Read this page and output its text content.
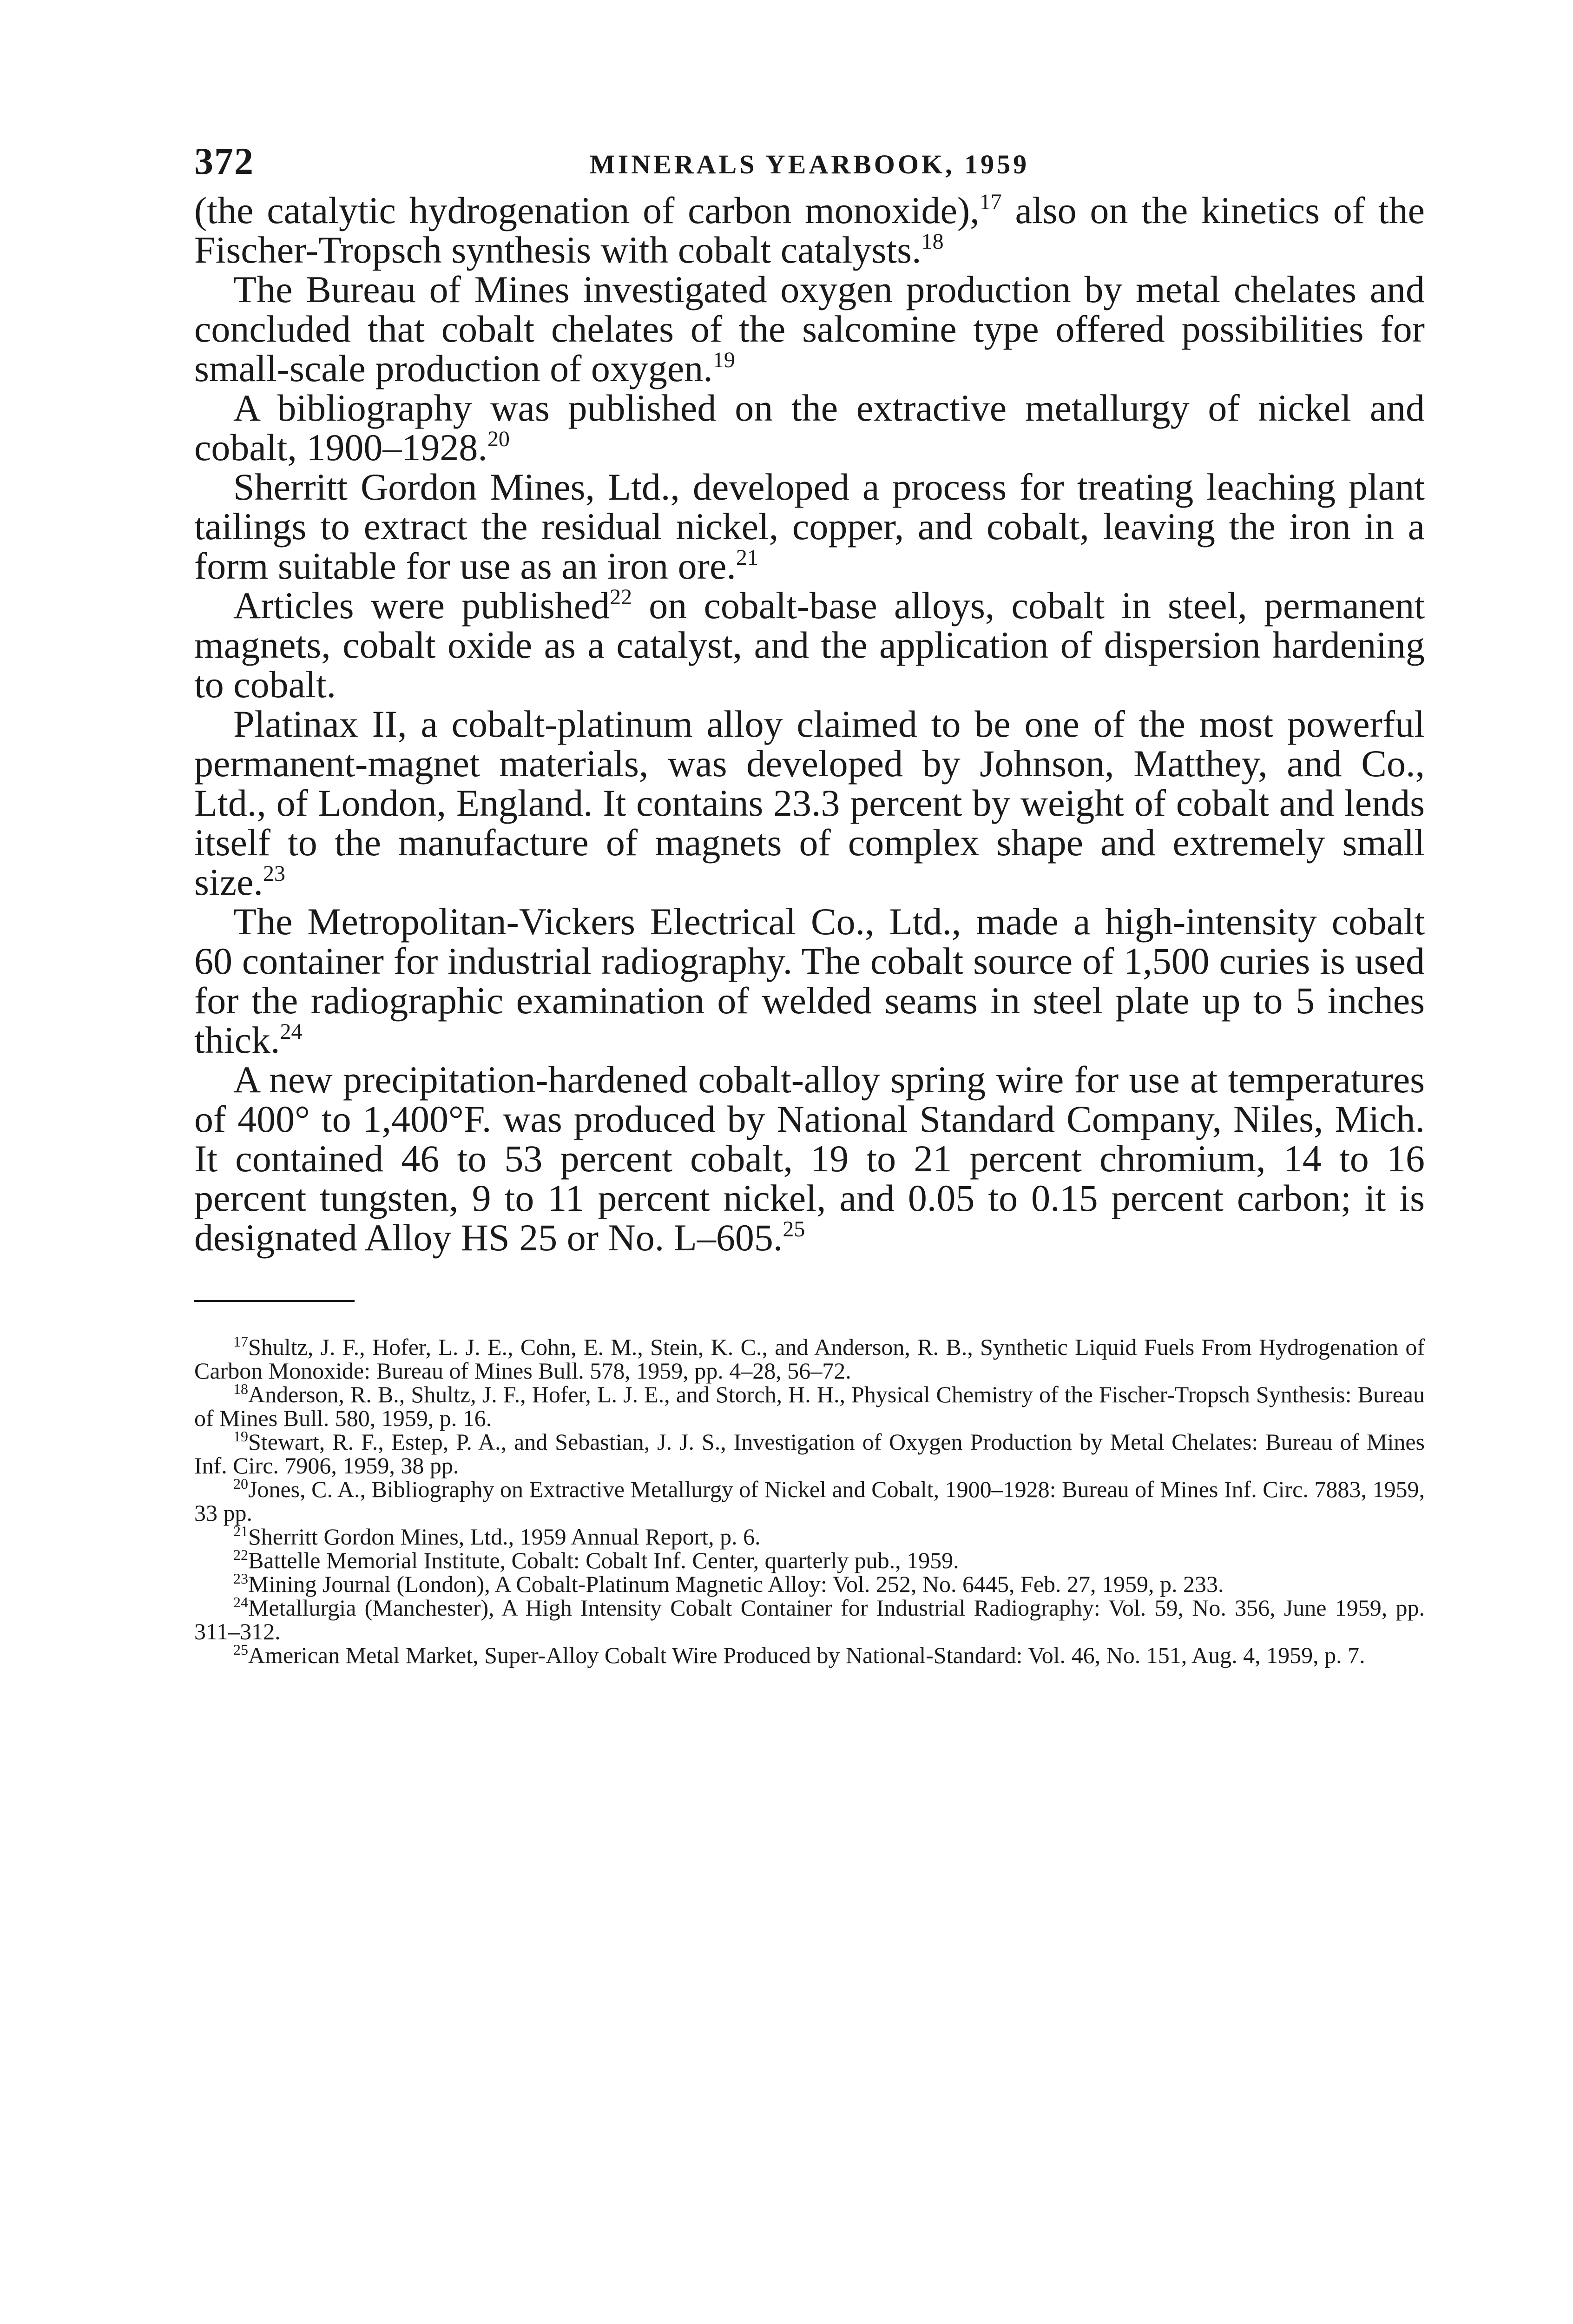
372	MINERALS YEARBOOK, 1959

(the catalytic hydrogenation of carbon monoxide),$^{17}$ also on the kinetics of the Fischer-Tropsch synthesis with cobalt catalysts.$^{18}$

The Bureau of Mines investigated oxygen production by metal chelates and concluded that cobalt chelates of the salcomine type offered possibilities for small-scale production of oxygen.$^{19}$

A bibliography was published on the extractive metallurgy of nickel and cobalt, 1900–1928.20

Sherritt Gordon Mines, Ltd., developed a process for treating leaching plant tailings to extract the residual nickel, copper, and cobalt, leaving the iron in a form suitable for use as an iron ore.$^{21}$

Articles were published$^{22}$ on cobalt-base alloys, cobalt in steel, permanent magnets, cobalt oxide as a catalyst, and the application of dispersion hardening to cobalt.

Platinax II, a cobalt-platinum alloy claimed to be one of the most powerful permanent-magnet materials, was developed by Johnson, Matthey, and Co., Ltd., of London, England. It contains 23.3 percent by weight of cobalt and lends itself to the manufacture of magnets of complex shape and extremely small size.$^{23}$

The Metropolitan-Vickers Electrical Co., Ltd., made a high-intensity cobalt 60 container for industrial radiography. The cobalt source of 1,500 curies is used for the radiographic examination of welded seams in steel plate up to 5 inches thick.$^{24}$

A new precipitation-hardened cobalt-alloy spring wire for use at temperatures of 400° to 1,400°F. was produced by National Standard Company, Niles, Mich. It contained 46 to 53 percent cobalt, 19 to 21 percent chromium, 14 to 16 percent tungsten, 9 to 11 percent nickel, and 0.05 to 0.15 percent carbon; it is designated Alloy HS 25 or No. L–605.25

$^{17}$Shultz, J. F., Hofer, L. J. E., Cohn, E. M., Stein, K. C., and Anderson, R. B., Synthetic Liquid Fuels From Hydrogenation of Carbon Monoxide: Bureau of Mines Bull. 578, 1959, pp. 4–28, 56–72.

$^{18}$Anderson, R. B., Shultz, J. F., Hofer, L. J. E., and Storch, H. H., Physical Chemistry of the Fischer-Tropsch Synthesis: Bureau of Mines Bull. 580, 1959, p. 16.

$^{19}$Stewart, R. F., Estep, P. A., and Sebastian, J. J. S., Investigation of Oxygen Production by Metal Chelates: Bureau of Mines Inf. Circ. 7906, 1959, 38 pp.

$^{20}$Jones, C. A., Bibliography on Extractive Metallurgy of Nickel and Cobalt, 1900–1928: Bureau of Mines Inf. Circ. 7883, 1959, 33 pp.

$^{21}$Sherritt Gordon Mines, Ltd., 1959 Annual Report, p. 6.

$^{22}$Battelle Memorial Institute, Cobalt: Cobalt Inf. Center, quarterly pub., 1959.

$^{23}$Mining Journal (London), A Cobalt-Platinum Magnetic Alloy: Vol. 252, No. 6445, Feb. 27, 1959, p. 233.

$^{24}$Metallurgia (Manchester), A High Intensity Cobalt Container for Industrial Radiography: Vol. 59, No. 356, June 1959, pp. 311–312.

$^{25}$American Metal Market, Super-Alloy Cobalt Wire Produced by National-Standard: Vol. 46, No. 151, Aug. 4, 1959, p. 7.
